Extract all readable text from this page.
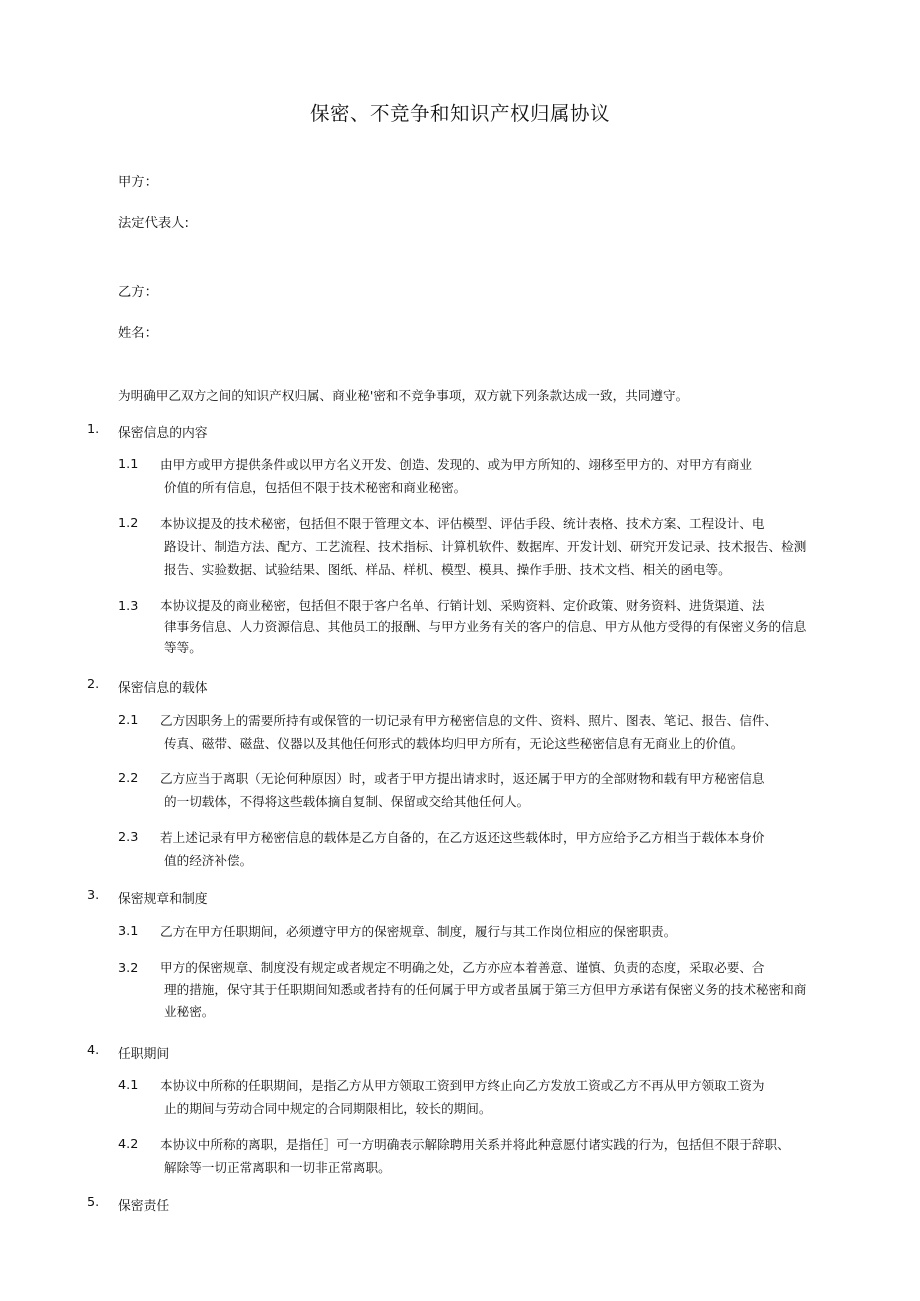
保密、不竞争和知识产权归属协议
甲方：
法定代表人:
乙方：
姓名：
为明确甲乙双方之间的知识产权归属、商业秘'密和不竞争事项，双方就下列条款达成一致，共同遵守。
1. 保密信息的内容
1.1 由甲方或甲方提供条件或以甲方名义开发、创造、发现的、或为甲方所知的、翊移至甲方的、对甲方有商业
价值的所有信息，包括但不限于技术秘密和商业秘密。
1.2 本协议提及的技术秘密，包括但不限于管理文本、评估模型、评估手段、统计表格、技术方案、工程设计、电
路设计、制造方法、配方、工艺流程、技术指标、计算机软件、数据库、开发计划、研究开发记录、技术报告、检测
报告、实验数据、试验结果、图纸、样品、样机、模型、模具、操作手册、技术文档、相关的函电等。
1.3 本协议提及的商业秘密，包括但不限于客户名单、行销计划、采购资料、定价政策、财务资料、进货渠道、法
律事务信息、人力资源信息、其他员工的报酬、与甲方业务有关的客户的信息、甲方从他方受得的有保密义务的信息
等等。
2. 保密信息的载体
2.1 乙方因职务上的需要所持有或保管的一切记录有甲方秘密信息的文件、资料、照片、图表、笔记、报告、信件、
传真、磁带、磁盘、仪器以及其他任何形式的载体均归甲方所有，无论这些秘密信息有无商业上的价值。
2.2 乙方应当于离职（无论何种原因）时，或者于甲方提出请求时，返还属于甲方的全部财物和载有甲方秘密信息
的一切载体，不得将这些载体摘自复制、保留或交给其他任何人。
2.3 若上述记录有甲方秘密信息的载体是乙方自备的，在乙方返还这些载体时，甲方应给予乙方相当于载体本身价
值的经济补偿。
3. 保密规章和制度
3.1 乙方在甲方任职期间，必须遵守甲方的保密规章、制度，履行与其工作岗位相应的保密职责。
3.2 甲方的保密规章、制度没有规定或者规定不明确之处，乙方亦应本着善意、谨慎、负责的态度，采取必要、合
理的措施，保守其于任职期间知悉或者持有的任何属于甲方或者虽属于第三方但甲方承诺有保密义务的技术秘密和商
业秘密。
4. 任职期间
4.1 本协议中所称的任职期间，是指乙方从甲方领取工资到甲方终止向乙方发放工资或乙方不再从甲方领取工资为
止的期间与劳动合同中规定的合同期限相比，较长的期间。
4.2 本协议中所称的离职，是指任］可一方明确表示解除聘用关系并将此种意愿付诸实践的行为，包括但不限于辞职、
解除等一切正常离职和一切非正常离职。
5. 保密责任
